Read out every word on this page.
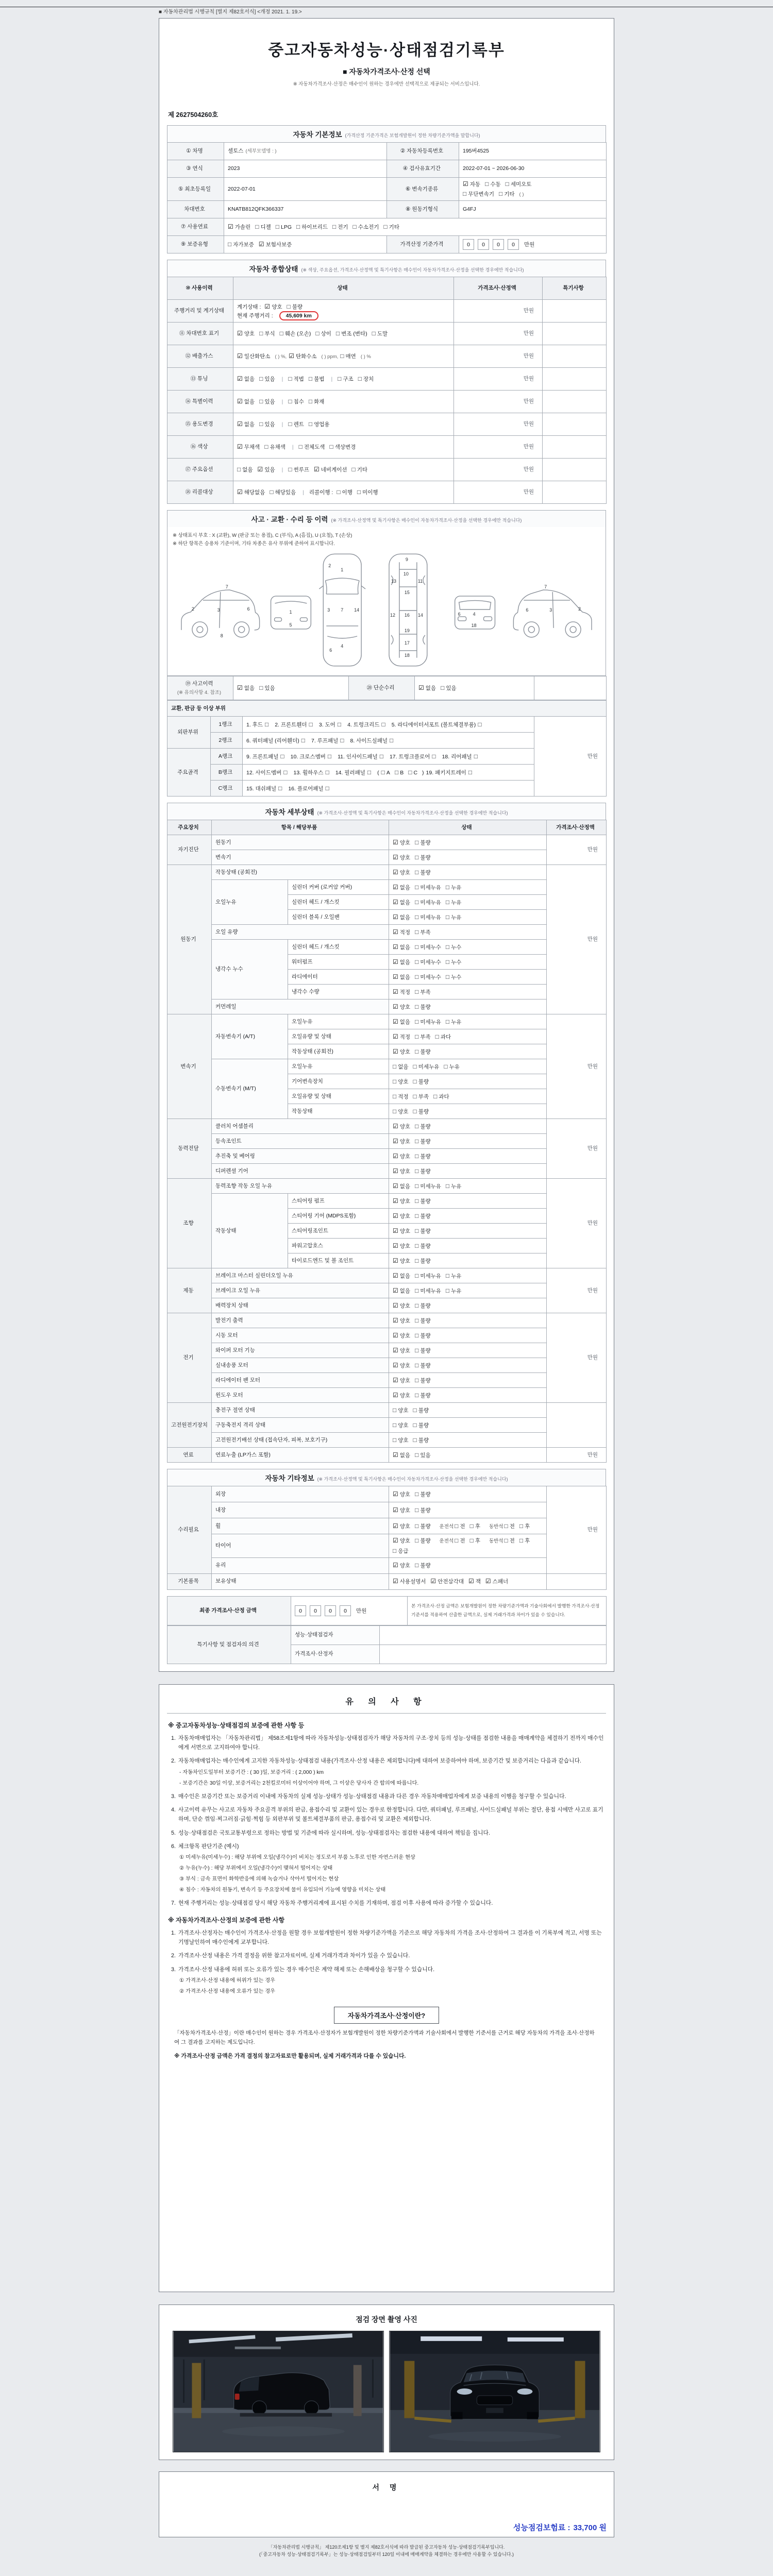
■ 자동차관리법 시행규칙 [별지 제82호서식] <개정 2021. 1. 19.>
중고자동차성능·상태점검기록부
■ 자동차가격조사·산정 선택
※ 자동차가격조사·산정은 매수인이 원하는 경우에만 선택적으로 제공되는 서비스입니다.
제 2627504260호
자동차 기본정보 (가격산정 기준가격은 보험개발원이 정한 차량기준가액을 말합니다)
① 차명	셀토스 (세부모델명 : )	② 자동차등록번호	195버4525
③ 연식	2023	④ 검사유효기간	2022-07-01 ~ 2026-06-30
⑤ 최초등록일	2022-07-01	⑥ 변속기종류	☑ 자동 □ 수동 □ 세미오토
□ 무단변속기 □ 기타 ( )
차대번호	KNATB812QFK366337	⑧ 원동기형식	G4FJ
⑦ 사용연료	☑ 가솔린 □ 디젤 □ LPG □ 하이브리드 □ 전기 □ 수소전기 □ 기타		
⑨ 보증유형	□ 자가보증 ☑ 보험사보증	가격산정 기준가격	0 0 0 0 만원
자동차 종합상태 (※ 색상, 주요옵션, 가격조사·산정액 및 특기사항은 매수인이 자동차가격조사·산정을 선택한 경우에만 적습니다)
⑩ 사용이력	상태	가격조사·산정액	특기사항
주행거리 및 계기상태	계기상태 : ☑ 양호 □ 불량
현재 주행거리 : 45,609 km	만원	
⑪ 차대번호 표기	☑ 양호 □ 부식 □ 훼손 (오손) □ 상이 □ 변조 (변타) □ 도말	만원	
⑫ 배출가스	☑ 일산화탄소 ( ) %, ☑ 탄화수소 ( ) ppm, □ 매연 ( ) %	만원	
⑬ 튜닝	☑ 없음 □ 있음 | □ 적법 □ 불법 | □ 구조 □ 장치	만원	
⑭ 특별이력	☑ 없음 □ 있음 | □ 침수 □ 화재	만원	
⑮ 용도변경	☑ 없음 □ 있음 | □ 렌트 □ 영업용	만원	
⑯ 색상	☑ 무채색 □ 유채색 | □ 전체도색 □ 색상변경	만원	
⑰ 주요옵션	□ 없음 ☑ 있음 | □ 썬루프 ☑ 네비게이션 □ 기타	만원	
⑱ 리콜대상	☑ 해당없음 □ 해당있음 | 리콜이행 : □ 이행 □ 미이행	만원	
사고 · 교환 · 수리 등 이력 (※ 가격조사·산정액 및 특기사항은 매수인이 자동차가격조사·산정을 선택한 경우에만 적습니다)
※ 상태표시 부호 : X (교환), W (판금 또는 용접), C (부식), A (흠집), U (요철), T (손상)
※ 하단 항목은 승용차 기준이며, 기타 차종은 유사 부위에 준하여 표시합니다.
2	3	6
7
8
1
5
1
2
7
3
6
4
14
9
10
13	11
15
16
12	14
19
17
18
6	4
18
3	2
6
7
⑲ 사고이력
(※ 유의사항 4. 참조)	☑ 없음 □ 있음	⑳ 단순수리	☑ 없음 □ 있음	
교환, 판금 등 이상 부위			
외판부위	1랭크	1. 후드 □ 2. 프론트휀더 □ 3. 도어 □ 4. 트렁크리드 □ 5. 라디에이터서포트 (볼트체결부품) □	만원
	2랭크	6. 쿼터패널 (리어휀더) □ 7. 루프패널 □ 8. 사이드실패널 □	
주요골격	A랭크	9. 프론트패널 □ 10. 크로스멤버 □ 11. 인사이드패널 □ 17. 트렁크플로어 □ 18. 리어패널 □	
	B랭크	12. 사이드멤버 □ 13. 휠하우스 □ 14. 필러패널 □ ( □ A □ B □ C ) 19. 패키지트레이 □	
	C랭크	15. 대쉬패널 □ 16. 플로어패널 □	
자동차 세부상태 (※ 가격조사·산정액 및 특기사항은 매수인이 자동차가격조사·산정을 선택한 경우에만 적습니다)
주요장치	항목 / 해당부품		상태	가격조사·산정액
자기진단	원동기		☑ 양호 □ 불량	만원
	변속기		☑ 양호 □ 불량	
원동기	작동상태 (공회전)		☑ 양호 □ 불량	만원
	오일누유	실린더 커버 (로커암 커버)	☑ 없음 □ 미세누유 □ 누유	
		실린더 헤드 / 개스킷	☑ 없음 □ 미세누유 □ 누유	
		실린더 블록 / 오일팬	☑ 없음 □ 미세누유 □ 누유	
	오일 유량		☑ 적정 □ 부족	
	냉각수 누수	실린더 헤드 / 개스킷	☑ 없음 □ 미세누수 □ 누수	
		워터펌프	☑ 없음 □ 미세누수 □ 누수	
		라디에이터	☑ 없음 □ 미세누수 □ 누수	
		냉각수 수량	☑ 적정 □ 부족	
	커먼레일		☑ 양호 □ 불량	
변속기	자동변속기 (A/T)	오일누유	☑ 없음 □ 미세누유 □ 누유	만원
		오일유량 및 상태	☑ 적정 □ 부족 □ 과다	
		작동상태 (공회전)	☑ 양호 □ 불량	
	수동변속기 (M/T)	오일누유	□ 없음 □ 미세누유 □ 누유	
		기어변속장치	□ 양호 □ 불량	
		오일유량 및 상태	□ 적정 □ 부족 □ 과다	
		작동상태	□ 양호 □ 불량	
동력전달	클러치 어셈블리		☑ 양호 □ 불량	만원
	등속조인트		☑ 양호 □ 불량	
	추진축 및 베어링		☑ 양호 □ 불량	
	디퍼렌셜 기어		☑ 양호 □ 불량	
조향	동력조향 작동 오일 누유		☑ 없음 □ 미세누유 □ 누유	만원
	작동상태	스티어링 펌프	☑ 양호 □ 불량	
		스티어링 기어 (MDPS포함)	☑ 양호 □ 불량	
		스티어링조인트	☑ 양호 □ 불량	
		파워고압호스	☑ 양호 □ 불량	
		타이로드엔드 및 볼 조인트	☑ 양호 □ 불량	
제동	브레이크 마스터 실린더오일 누유		☑ 없음 □ 미세누유 □ 누유	만원
	브레이크 오일 누유		☑ 없음 □ 미세누유 □ 누유	
	배력장치 상태		☑ 양호 □ 불량	
전기	발전기 출력		☑ 양호 □ 불량	만원
	시동 모터		☑ 양호 □ 불량	
	와이퍼 모터 기능		☑ 양호 □ 불량	
	실내송풍 모터		☑ 양호 □ 불량	
	라디에이터 팬 모터		☑ 양호 □ 불량	
	윈도우 모터		☑ 양호 □ 불량	
고전원전기장치	충전구 절연 상태		□ 양호 □ 불량	
	구동축전지 격리 상태		□ 양호 □ 불량	
	고전원전기배선 상태 (접속단자, 피복, 보호기구)		□ 양호 □ 불량	
연료	연료누출 (LP가스 포함)		☑ 없음 □ 있음	만원
자동차 기타정보 (※ 가격조사·산정액 및 특기사항은 매수인이 자동차가격조사·산정을 선택한 경우에만 적습니다)
수리필요	외장	☑ 양호 □ 불량	만원
	내장	☑ 양호 □ 불량	
	휠	☑ 양호 □ 불량 운전석 □ 전 □ 후 동반석 □ 전 □ 후	
	타이어	☑ 양호 □ 불량 운전석 □ 전 □ 후 동반석 □ 전 □ 후□ 응급	
	유리	☑ 양호 □ 불량	
기본품목	보유상태	☑ 사용설명서 ☑ 안전삼각대 ☑ 잭 ☑ 스패너	
최종 가격조사·산정 금액	0 0 0 0 만원	본 가격조사·산정 금액은 보험개발원이 정한 차량기준가액과 기술사회에서 발행한 가격조사·산정 기준서를 적용하여 산출한 금액으로, 실제 거래가격과 차이가 있을 수 있습니다.
특기사항 및 점검자의 의견	성능·상태점검자	
	가격조사·산정자	
유 의 사 항
※ 중고자동차성능·상태점검의 보증에 관한 사항 등
1. 자동차매매업자는 「자동차관리법」 제58조제1항에 따라 자동차성능·상태점검자가 해당 자동차의 구조·장치 등의 성능·상태를 점검한 내용을 매매계약을 체결하기 전까지 매수인에게 서면으로 고지하여야 합니다.
2. 자동차매매업자는 매수인에게 고지한 자동차성능·상태점검 내용(가격조사·산정 내용은 제외합니다)에 대하여 보증하여야 하며, 보증기간 및 보증거리는 다음과 같습니다.
- 자동차인도일부터 보증기간 : ( 30 )일, 보증거리 : ( 2,000 ) km
- 보증기간은 30일 이상, 보증거리는 2천킬로미터 이상이어야 하며, 그 이상은 당사자 간 합의에 따릅니다.
3. 매수인은 보증기간 또는 보증거리 이내에 자동차의 실제 성능·상태가 성능·상태점검 내용과 다른 경우 자동차매매업자에게 보증 내용의 이행을 청구할 수 있습니다.
4. 사고이력 유무는 사고로 자동차 주요골격 부위의 판금, 용접수리 및 교환이 있는 경우로 한정합니다. 다만, 쿼터패널, 루프패널, 사이드실패널 부위는 절단, 용접 시에만 사고로 표기하며, 단순 꺾임·찌그러짐·긁힘·찍힘 등 외판부위 및 볼트체결부품의 판금, 용접수리 및 교환은 제외합니다.
5. 성능·상태점검은 국토교통부령으로 정하는 방법 및 기준에 따라 실시하며, 성능·상태점검자는 점검한 내용에 대하여 책임을 집니다.
6. 체크항목 판단기준 (예시)
① 미세누유(미세누수) : 해당 부위에 오일(냉각수)이 비치는 정도로서 부품 노후로 인한 자연스러운 현상
② 누유(누수) : 해당 부위에서 오일(냉각수)이 맺혀서 떨어지는 상태
③ 부식 : 금속 표면이 화학반응에 의해 녹슬거나 삭아서 떨어지는 현상
④ 침수 : 자동차의 원동기, 변속기 등 주요장치에 물이 유입되어 기능에 영향을 미치는 상태
7. 현재 주행거리는 성능·상태점검 당시 해당 자동차 주행거리계에 표시된 수치를 기재하며, 점검 이후 사용에 따라 증가할 수 있습니다.
※ 자동차가격조사·산정의 보증에 관한 사항
1. 가격조사·산정자는 매수인이 가격조사·산정을 원할 경우 보험개발원이 정한 차량기준가액을 기준으로 해당 자동차의 가격을 조사·산정하여 그 결과를 이 기록부에 적고, 서명 또는 기명날인하여 매수인에게 교부합니다.
2. 가격조사·산정 내용은 가격 결정을 위한 참고자료이며, 실제 거래가격과 차이가 있을 수 있습니다.
3. 가격조사·산정 내용에 허위 또는 오류가 있는 경우 매수인은 계약 해제 또는 손해배상을 청구할 수 있습니다.
① 가격조사·산정 내용에 허위가 있는 경우
② 가격조사·산정 내용에 오류가 있는 경우
자동차가격조사·산정이란?
「자동차가격조사·산정」이란 매수인이 원하는 경우 가격조사·산정자가 보험개발원이 정한 차량기준가액과 기술사회에서 발행한 기준서를 근거로 해당 자동차의 가격을 조사·산정하여 그 결과를 고지하는 제도입니다.
※ 가격조사·산정 금액은 가격 결정의 참고자료로만 활용되며, 실제 거래가격과 다를 수 있습니다.
점검 장면 촬영 사진
서 명
성능점검보험료 : 33,700 원
「자동차관리법 시행규칙」 제120조제1항 및 별지 제82호서식에 따라 발급된 중고자동차 성능·상태점검기록부입니다.
(「중고자동차 성능·상태점검기록부」는 성능·상태점검일부터 120일 이내에 매매계약을 체결하는 경우에만 사용할 수 있습니다.)
